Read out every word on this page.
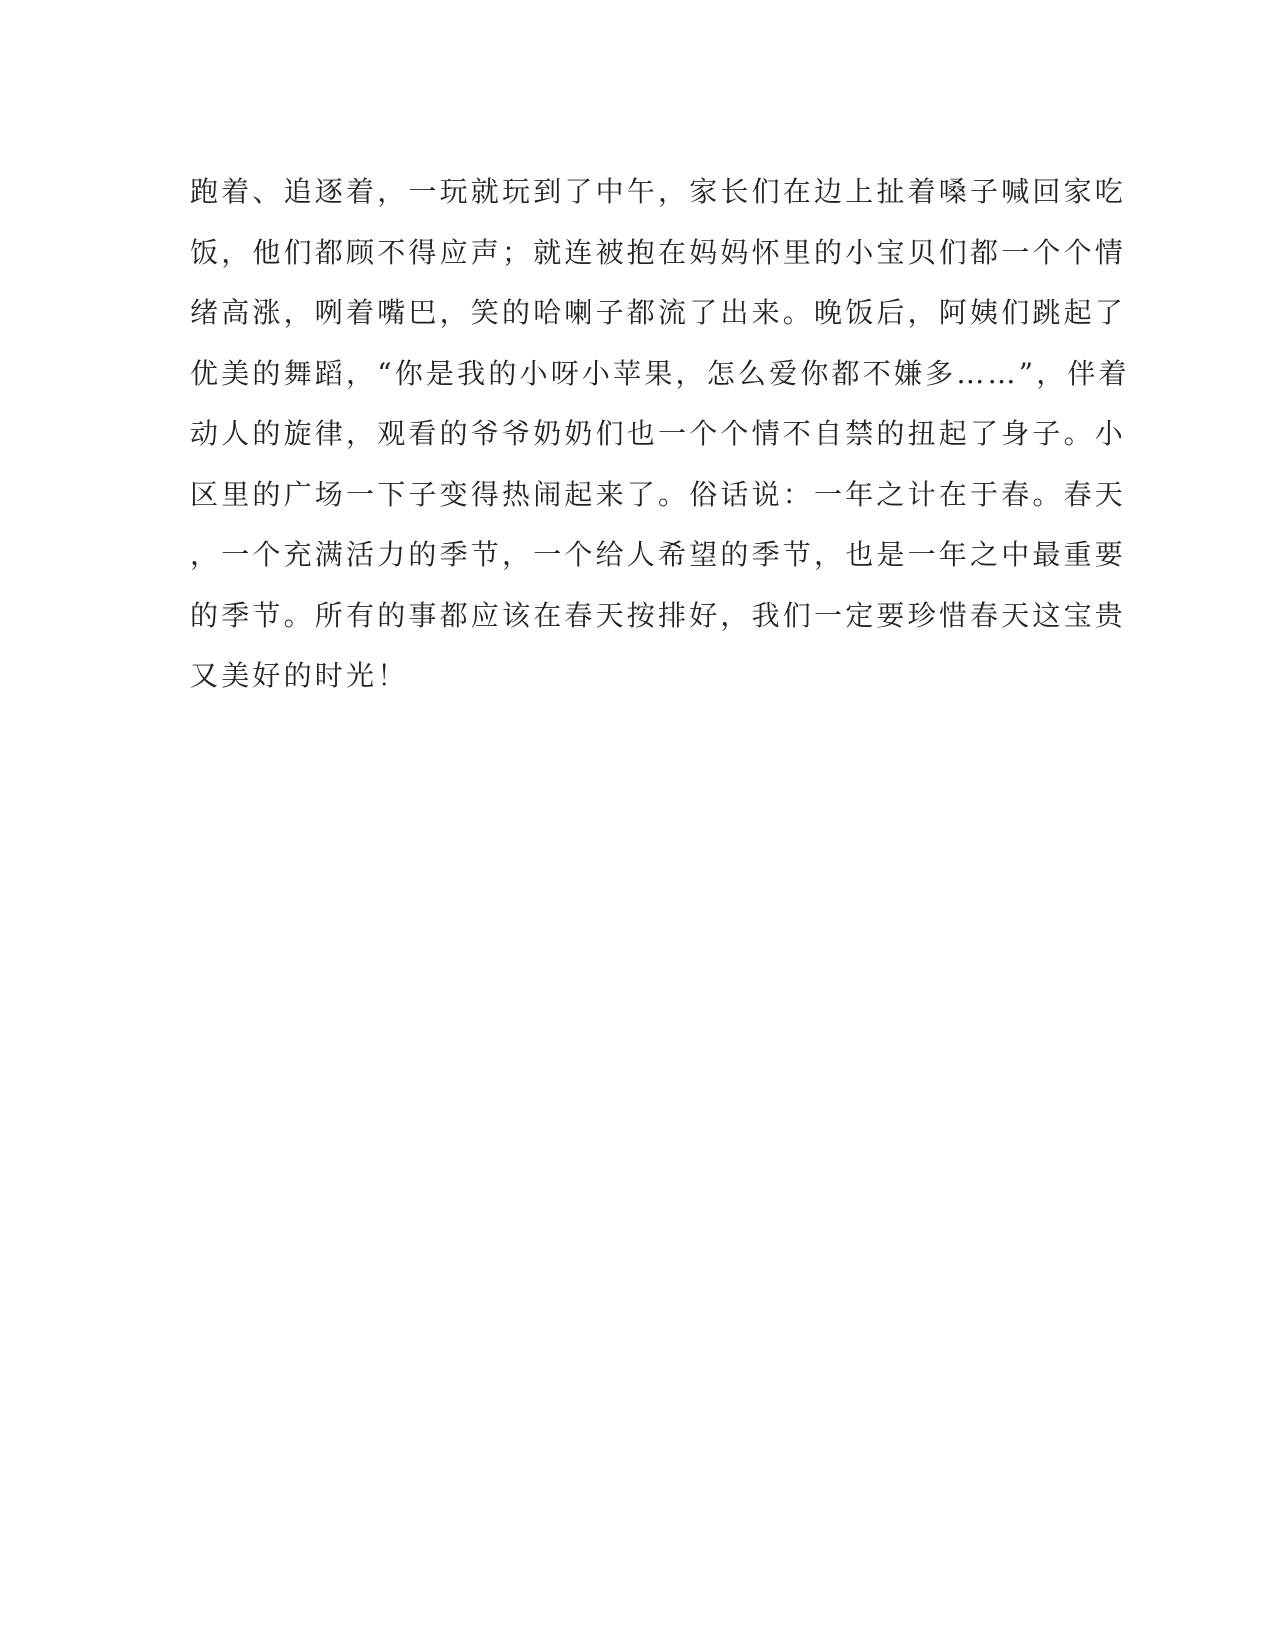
跑着、追逐着，一玩就玩到了中午，家长们在边上扯着嗓子喊回家吃
饭，他们都顾不得应声；就连被抱在妈妈怀里的小宝贝们都一个个情
绪高涨，咧着嘴巴，笑的哈喇子都流了出来。晚饭后，阿姨们跳起了
优美的舞蹈，“你是我的小呀小苹果，怎么爱你都不嫌多……”，伴着
动人的旋律，观看的爷爷奶奶们也一个个情不自禁的扭起了身子。小
区里的广场一下子变得热闹起来了。俗话说：一年之计在于春。春天
，一个充满活力的季节，一个给人希望的季节，也是一年之中最重要
的季节。所有的事都应该在春天按排好，我们一定要珍惜春天这宝贵
又美好的时光！
